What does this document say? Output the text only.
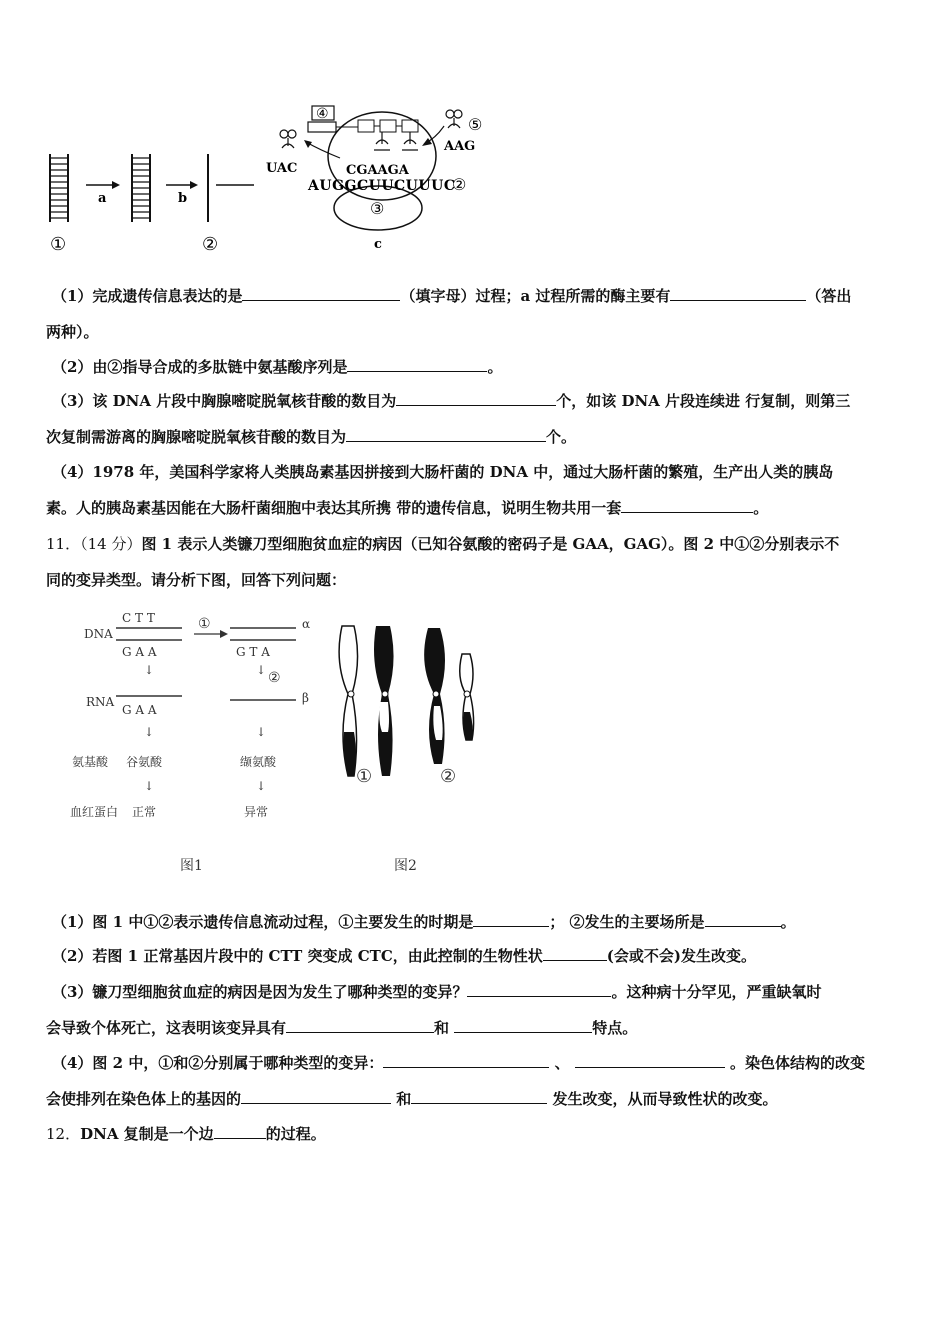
①
a	b
②
③
④
UAC
⑤
AAG
CGAAGA
AUGGCUUCUUUC
②
c
（1）完成遗传信息表达的是	（填字母）过程；a 过程所需的酶主要有	（答出
两种）。
（2）由②指导合成的多肽链中氨基酸序列是	。
（3）该 DNA 片段中胸腺嘧啶脱氧核苷酸的数目为	个，如该 DNA 片段连续进 行复制，则第三
次复制需游离的胸腺嘧啶脱氧核苷酸的数目为	个。
（4）1978 年，美国科学家将人类胰岛素基因拼接到大肠杆菌的 DNA 中，通过大肠杆菌的繁殖，生产出人类的胰岛
素。人的胰岛素基因能在大肠杆菌细胞中表达其所携 带的遗传信息，说明生物共用一套	。
11．（14 分）图 1 表示人类镰刀型细胞贫血症的病因（已知谷氨酸的密码子是 GAA，GAG）。图 2 中①②分别表示不
同的变异类型。请分析下图，回答下列问题：
DNA
RNA
氨基酸
血红蛋白
C T T
G A A
↓
G A A
↓
谷氨酸
↓
正常
①	α
G T A
↓ ②
β
↓
缬氨酸
↓
异常
图1	图2
①	②
（1）图 1 中①②表示遗传信息流动过程，①主要发生的时期是	； ②发生的主要场所是	。
（2）若图 1 正常基因片段中的 CTT 突变成 CTC，由此控制的生物性状	(会或不会)发生改变。
（3）镰刀型细胞贫血症的病因是因为发生了哪种类型的变异？	。这种病十分罕见，严重缺氧时
会导致个体死亡，这表明该变异具有	和	特点。
（4）图 2 中，①和②分别属于哪种类型的变异：	、	。染色体结构的改变
会使排列在染色体上的基因的	和	发生改变，从而导致性状的改变。
12．DNA 复制是一个边	的过程。
